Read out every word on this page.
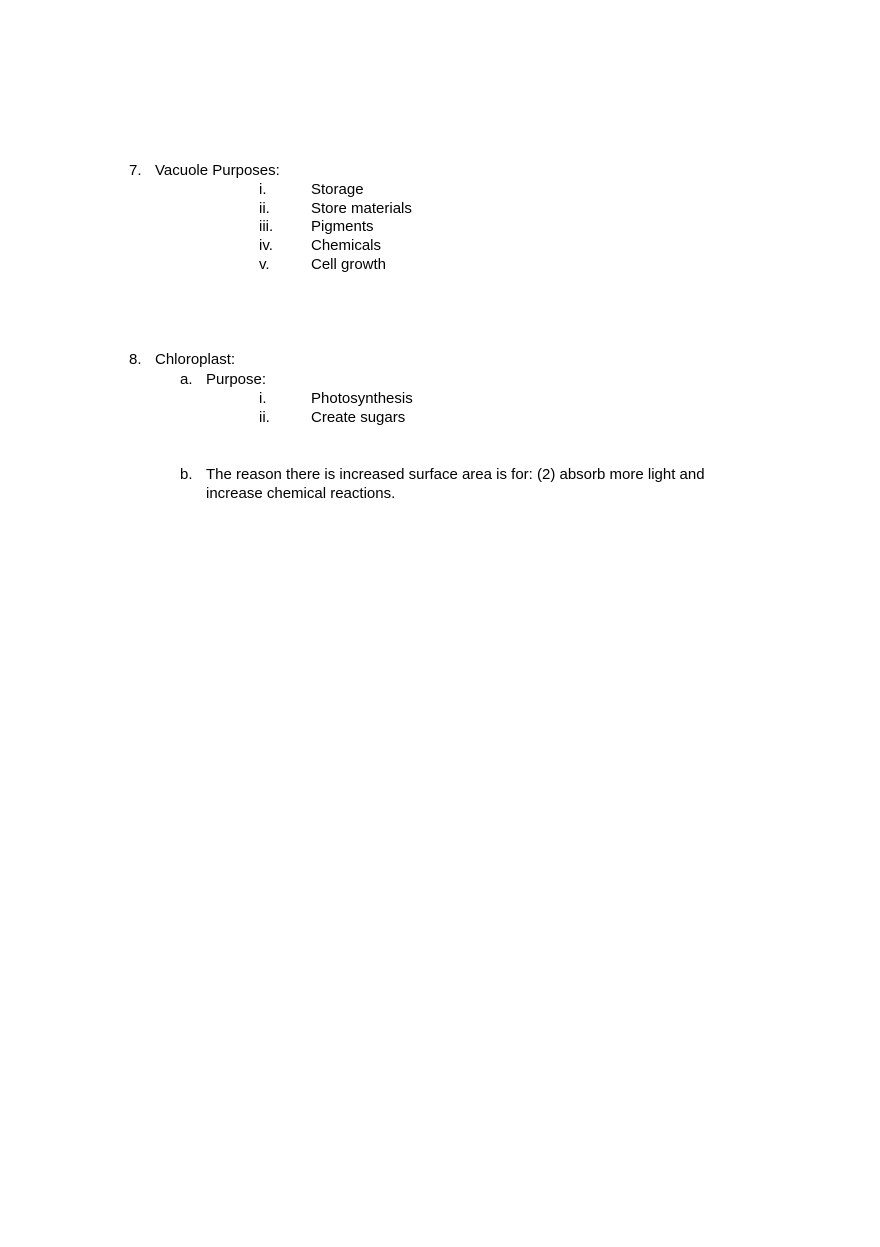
7. Vacuole Purposes:
i.	Storage
ii.	Store materials
iii.	Pigments
iv.	Chemicals
v.	Cell growth
8. Chloroplast:
a. Purpose:
i.	Photosynthesis
ii.	Create sugars
b. The reason there is increased surface area is for: (2) absorb more light and
increase chemical reactions.
